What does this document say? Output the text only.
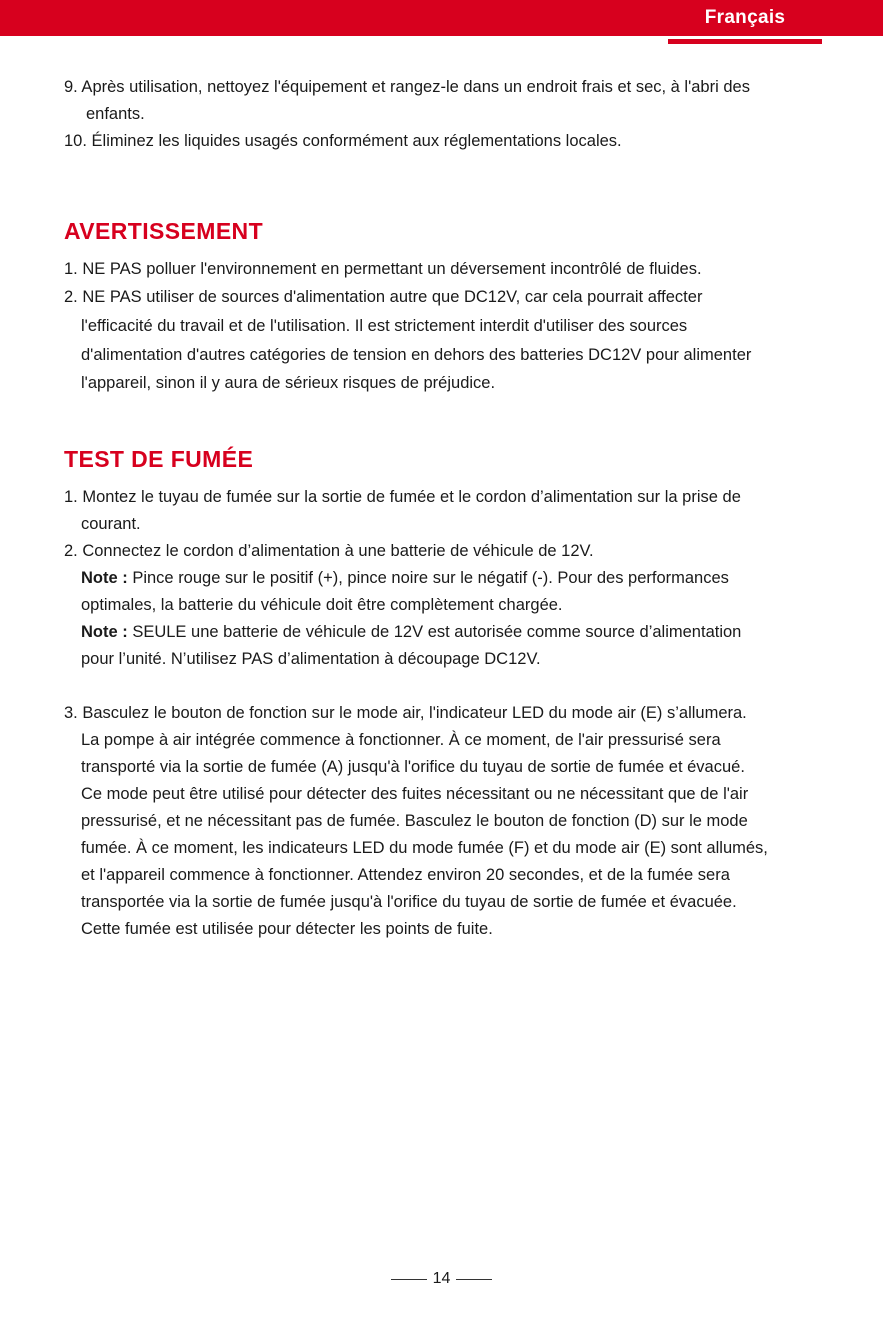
Français
9. Après utilisation, nettoyez l'équipement et rangez-le dans un endroit frais et sec, à l'abri des
enfants.
10. Éliminez les liquides usagés conformément aux réglementations locales.
AVERTISSEMENT
1. NE PAS polluer l'environnement en permettant un déversement incontrôlé de fluides.
2. NE PAS utiliser de sources d'alimentation autre que DC12V, car cela pourrait affecter
l'efficacité du travail et de l'utilisation. Il est strictement interdit d'utiliser des sources
d'alimentation d'autres catégories de tension en dehors des batteries DC12V pour alimenter
l'appareil, sinon il y aura de sérieux risques de préjudice.
TEST DE FUMÉE
1. Montez le tuyau de fumée sur la sortie de fumée et le cordon d’alimentation sur la prise de
courant.
2. Connectez le cordon d’alimentation à une batterie de véhicule de 12V.
Note : Pince rouge sur le positif (+), pince noire sur le négatif (-). Pour des performances
optimales, la batterie du véhicule doit être complètement chargée.
Note : SEULE une batterie de véhicule de 12V est autorisée comme source d’alimentation
pour l’unité. N’utilisez PAS d’alimentation à découpage DC12V.
3. Basculez le bouton de fonction sur le mode air, l'indicateur LED du mode air (E) s’allumera.
La pompe à air intégrée commence à fonctionner. À ce moment, de l'air pressurisé sera
transporté via la sortie de fumée (A) jusqu'à l'orifice du tuyau de sortie de fumée et évacué.
Ce mode peut être utilisé pour détecter des fuites nécessitant ou ne nécessitant que de l'air
pressurisé, et ne nécessitant pas de fumée. Basculez le bouton de fonction (D) sur le mode
fumée. À ce moment, les indicateurs LED du mode fumée (F) et du mode air (E) sont allumés,
et l'appareil commence à fonctionner. Attendez environ 20 secondes, et de la fumée sera
transportée via la sortie de fumée jusqu'à l'orifice du tuyau de sortie de fumée et évacuée.
Cette fumée est utilisée pour détecter les points de fuite.
14
